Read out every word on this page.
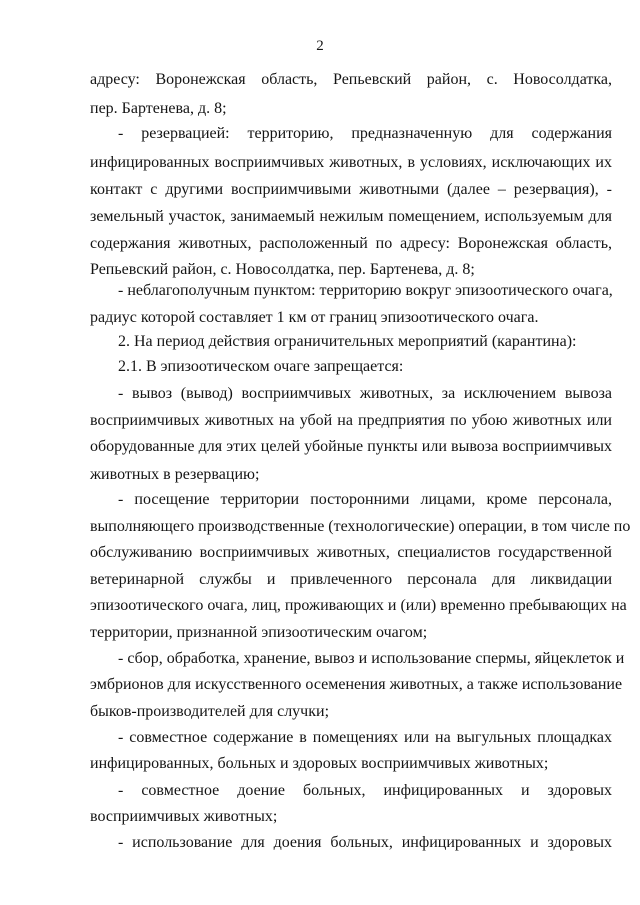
2
адресу: Воронежская область, Репьевский район, с. Новосолдатка,
пер. Бартенева, д. 8;
- резервацией: территорию, предназначенную для содержания
инфицированных восприимчивых животных, в условиях, исключающих их
контакт с другими восприимчивыми животными (далее – резервация), -
земельный участок, занимаемый нежилым помещением, используемым для
содержания животных, расположенный по адресу: Воронежская область,
Репьевский район, с. Новосолдатка, пер. Бартенева, д. 8;
- неблагополучным пунктом: территорию вокруг эпизоотического очага,
радиус которой составляет 1 км от границ эпизоотического очага.
2. На период действия ограничительных мероприятий (карантина):
2.1. В эпизоотическом очаге запрещается:
- вывоз (вывод) восприимчивых животных, за исключением вывоза
восприимчивых животных на убой на предприятия по убою животных или
оборудованные для этих целей убойные пункты или вывоза восприимчивых
животных в резервацию;
- посещение территории посторонними лицами, кроме персонала,
выполняющего производственные (технологические) операции, в том числе по
обслуживанию восприимчивых животных, специалистов государственной
ветеринарной службы и привлеченного персонала для ликвидации
эпизоотического очага, лиц, проживающих и (или) временно пребывающих на
территории, признанной эпизоотическим очагом;
- сбор, обработка, хранение, вывоз и использование спермы, яйцеклеток и
эмбрионов для искусственного осеменения животных, а также использование
быков-производителей для случки;
- совместное содержание в помещениях или на выгульных площадках
инфицированных, больных и здоровых восприимчивых животных;
- совместное доение больных, инфицированных и здоровых
восприимчивых животных;
- использование для доения больных, инфицированных и здоровых
